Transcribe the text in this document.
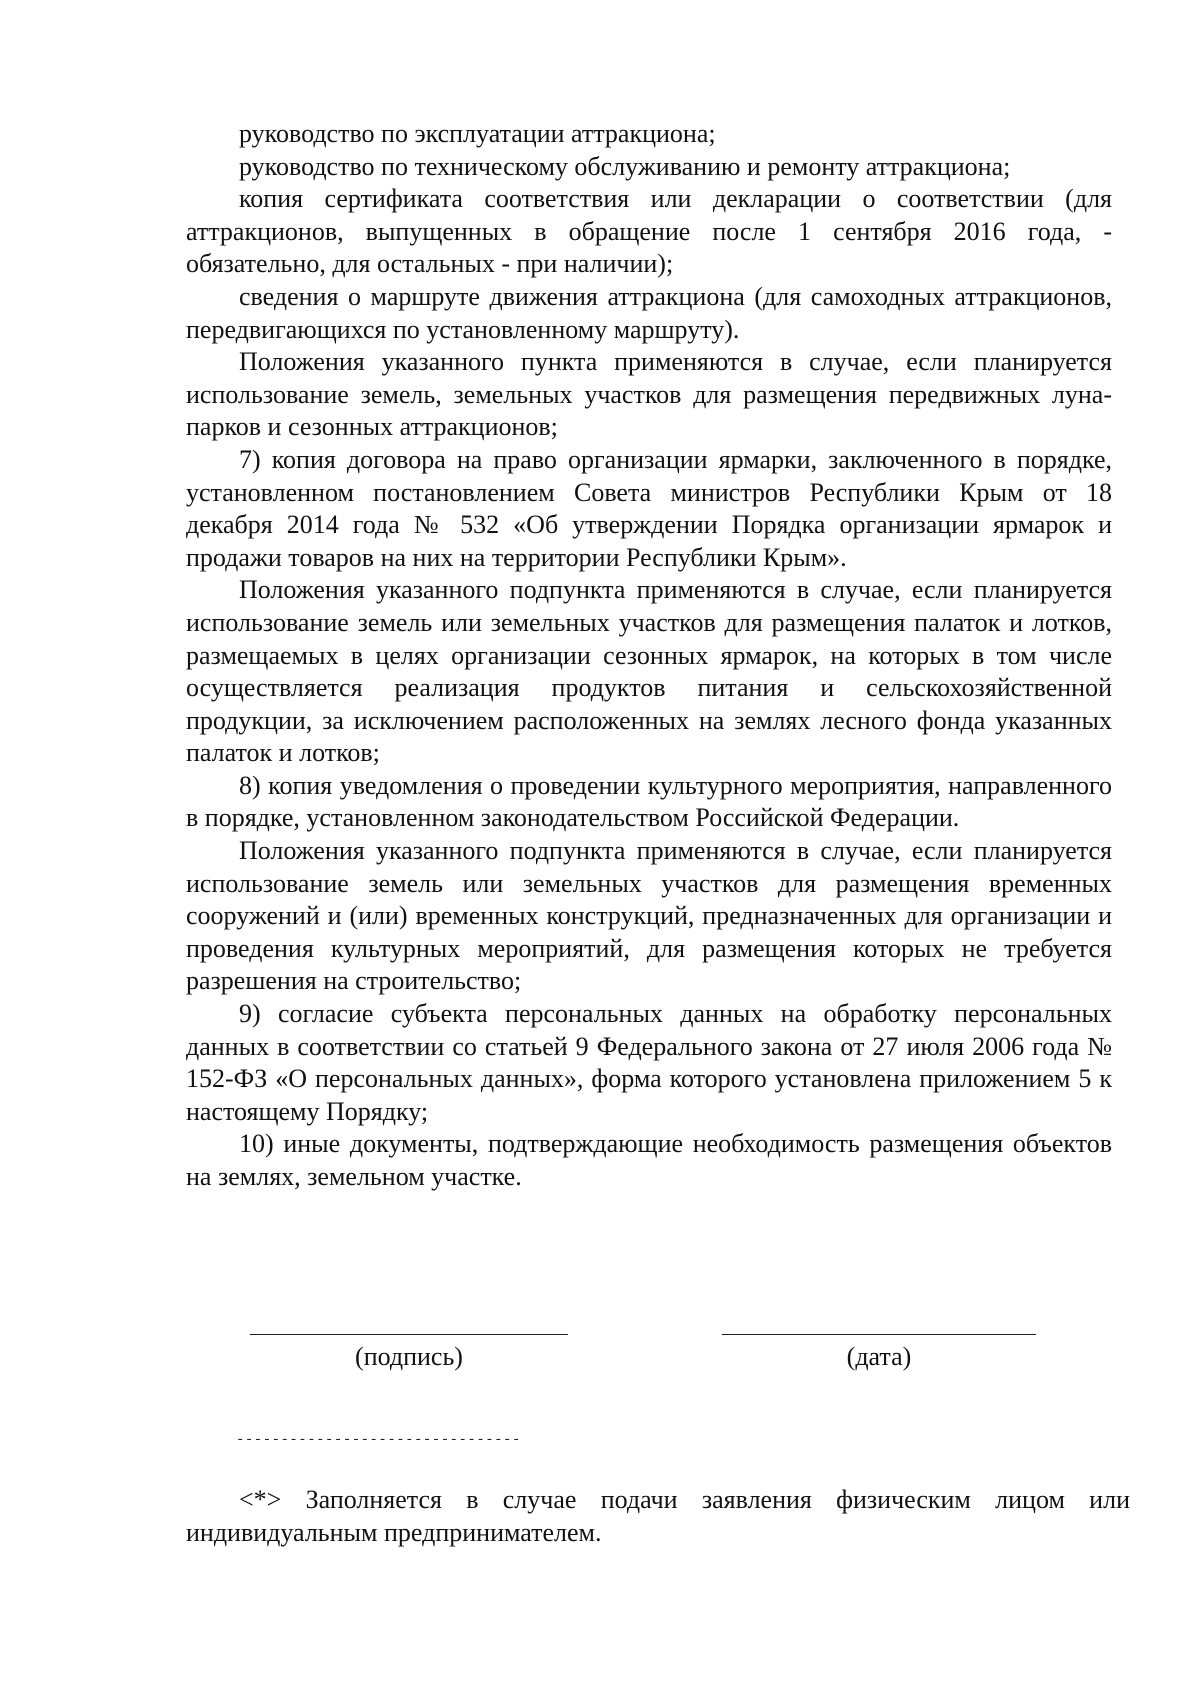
руководство по эксплуатации аттракциона;

руководство по техническому обслуживанию и ремонту аттракциона;

копия сертификата соответствия или декларации о соответствии (для аттракционов, выпущенных в обращение после 1 сентября 2016 года, - обязательно, для остальных - при наличии);

сведения о маршруте движения аттракциона (для самоходных аттракционов, передвигающихся по установленному маршруту).

Положения указанного пункта применяются в случае, если планируется использование земель, земельных участков для размещения передвижных луна-парков и сезонных аттракционов;

7) копия договора на право организации ярмарки, заключенного в порядке, установленном постановлением Совета министров Республики Крым от 18 декабря 2014 года № 532 «Об утверждении Порядка организации ярмарок и продажи товаров на них на территории Республики Крым».

Положения указанного подпункта применяются в случае, если планируется использование земель или земельных участков для размещения палаток и лотков, размещаемых в целях организации сезонных ярмарок, на которых в том числе осуществляется реализация продуктов питания и сельскохозяйственной продукции, за исключением расположенных на землях лесного фонда указанных палаток и лотков;

8) копия уведомления о проведении культурного мероприятия, направленного в порядке, установленном законодательством Российской Федерации.

Положения указанного подпункта применяются в случае, если планируется использование земель или земельных участков для размещения временных сооружений и (или) временных конструкций, предназначенных для организации и проведения культурных мероприятий, для размещения которых не требуется разрешения на строительство;

9) согласие субъекта персональных данных на обработку персональных данных в соответствии со статьей 9 Федерального закона от 27 июля 2006 года № 152-ФЗ «О персональных данных», форма которого установлена приложением 5 к настоящему Порядку;

10) иные документы, подтверждающие необходимость размещения объектов на землях, земельном участке.

(подпись)	(дата)
--------------------------------

<*> Заполняется в случае подачи заявления физическим лицом или индивидуальным предпринимателем.
